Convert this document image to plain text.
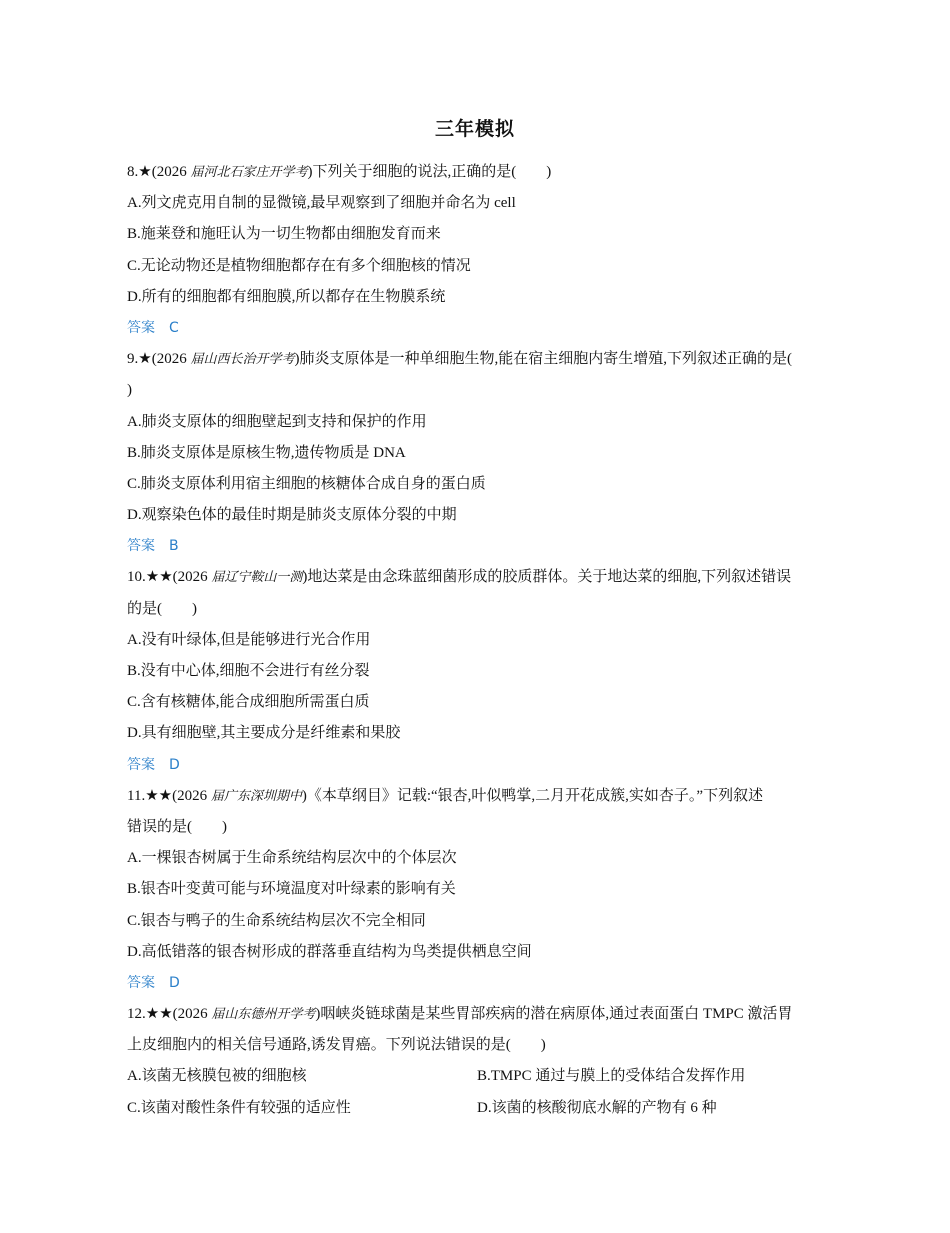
三年模拟
8.★(2026 届河北石家庄开学考)下列关于细胞的说法,正确的是(　　)
A.列文虎克用自制的显微镜,最早观察到了细胞并命名为 cell
B.施莱登和施旺认为一切生物都由细胞发育而来
C.无论动物还是植物细胞都存在有多个细胞核的情况
D.所有的细胞都有细胞膜,所以都存在生物膜系统
答案 C
9.★(2026 届山西长治开学考)肺炎支原体是一种单细胞生物,能在宿主细胞内寄生增殖,下列叙述正确的是(
)
A.肺炎支原体的细胞壁起到支持和保护的作用
B.肺炎支原体是原核生物,遗传物质是 DNA
C.肺炎支原体利用宿主细胞的核糖体合成自身的蛋白质
D.观察染色体的最佳时期是肺炎支原体分裂的中期
答案 B
10.★★(2026 届辽宁鞍山一测)地达菜是由念珠蓝细菌形成的胶质群体。关于地达菜的细胞,下列叙述错误
的是(　　)
A.没有叶绿体,但是能够进行光合作用
B.没有中心体,细胞不会进行有丝分裂
C.含有核糖体,能合成细胞所需蛋白质
D.具有细胞壁,其主要成分是纤维素和果胶
答案 D
11.★★(2026 届广东深圳期中)《本草纲目》记载:“银杏,叶似鸭掌,二月开花成簇,实如杏子。”下列叙述
错误的是(　　)
A.一棵银杏树属于生命系统结构层次中的个体层次
B.银杏叶变黄可能与环境温度对叶绿素的影响有关
C.银杏与鸭子的生命系统结构层次不完全相同
D.高低错落的银杏树形成的群落垂直结构为鸟类提供栖息空间
答案 D
12.★★(2026 届山东德州开学考)咽峡炎链球菌是某些胃部疾病的潜在病原体,通过表面蛋白 TMPC 激活胃
上皮细胞内的相关信号通路,诱发胃癌。下列说法错误的是(　　)
A.该菌无核膜包被的细胞核	B.TMPC 通过与膜上的受体结合发挥作用
C.该菌对酸性条件有较强的适应性	D.该菌的核酸彻底水解的产物有 6 种
